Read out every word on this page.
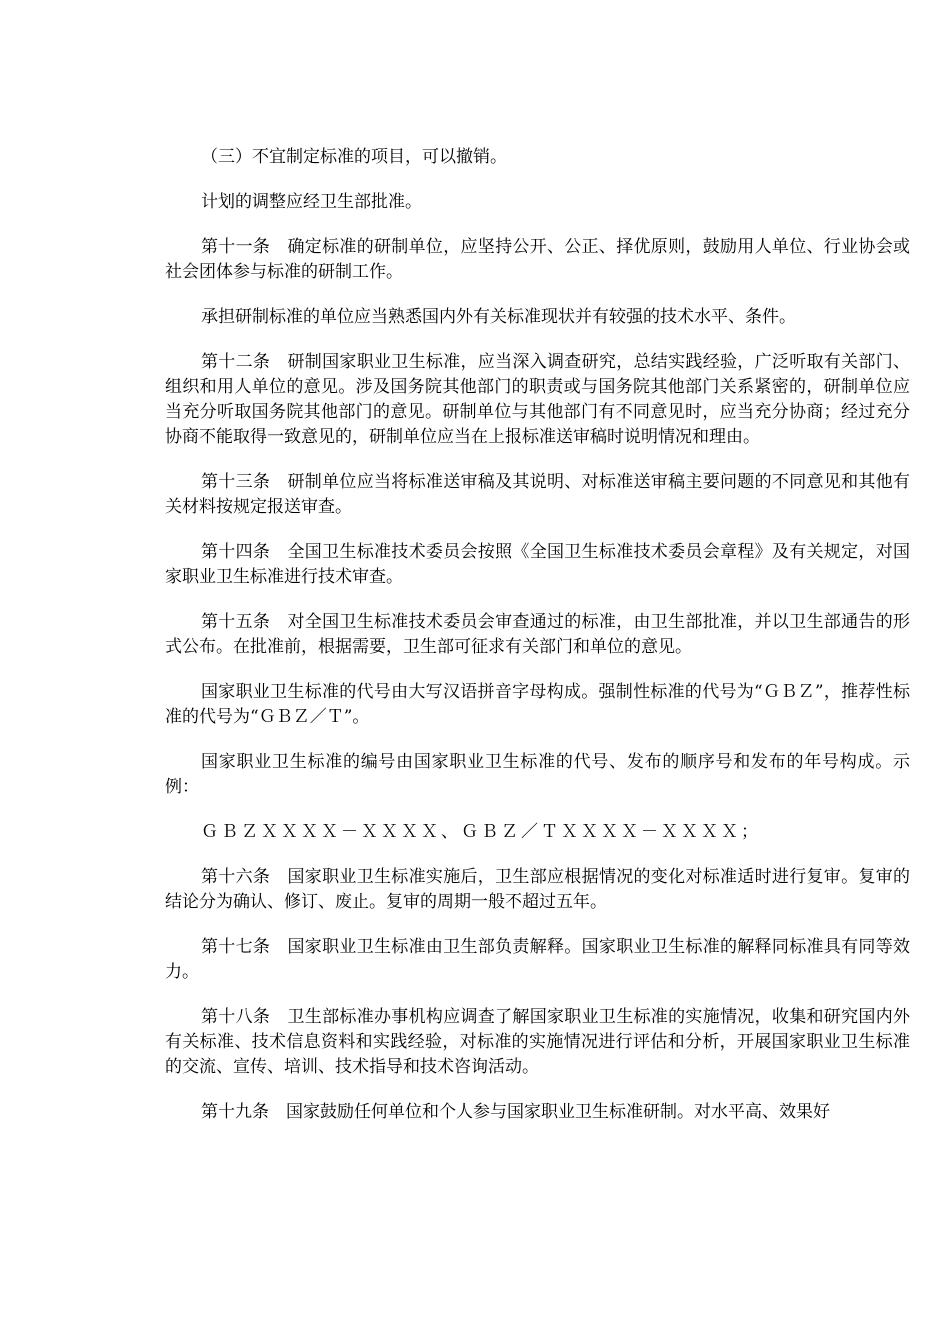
（三）不宜制定标准的项目，可以撤销。

计划的调整应经卫生部批准。

第十一条　确定标准的研制单位，应坚持公开、公正、择优原则，鼓励用人单位、行业协会或社会团体参与标准的研制工作。

承担研制标准的单位应当熟悉国内外有关标准现状并有较强的技术水平、条件。

第十二条　研制国家职业卫生标准，应当深入调查研究，总结实践经验，广泛听取有关部门、组织和用人单位的意见。涉及国务院其他部门的职责或与国务院其他部门关系紧密的，研制单位应当充分听取国务院其他部门的意见。研制单位与其他部门有不同意见时，应当充分协商；经过充分协商不能取得一致意见的，研制单位应当在上报标准送审稿时说明情况和理由。

第十三条　研制单位应当将标准送审稿及其说明、对标准送审稿主要问题的不同意见和其他有关材料按规定报送审查。

第十四条　全国卫生标准技术委员会按照《全国卫生标准技术委员会章程》及有关规定，对国家职业卫生标准进行技术审查。

第十五条　对全国卫生标准技术委员会审查通过的标准，由卫生部批准，并以卫生部通告的形式公布。在批准前，根据需要，卫生部可征求有关部门和单位的意见。

国家职业卫生标准的代号由大写汉语拼音字母构成。强制性标准的代号为“ＧＢＺ”，推荐性标准的代号为“ＧＢＺ／Ｔ”。

国家职业卫生标准的编号由国家职业卫生标准的代号、发布的顺序号和发布的年号构成。示例：

ＧＢＺＸＸＸＸ－ＸＸＸＸ、ＧＢＺ／ＴＸＸＸＸ－ＸＸＸＸ；

第十六条　国家职业卫生标准实施后，卫生部应根据情况的变化对标准适时进行复审。复审的结论分为确认、修订、废止。复审的周期一般不超过五年。

第十七条　国家职业卫生标准由卫生部负责解释。国家职业卫生标准的解释同标准具有同等效力。

第十八条　卫生部标准办事机构应调查了解国家职业卫生标准的实施情况，收集和研究国内外有关标准、技术信息资料和实践经验，对标准的实施情况进行评估和分析，开展国家职业卫生标准的交流、宣传、培训、技术指导和技术咨询活动。

第十九条　国家鼓励任何单位和个人参与国家职业卫生标准研制。对水平高、效果好
